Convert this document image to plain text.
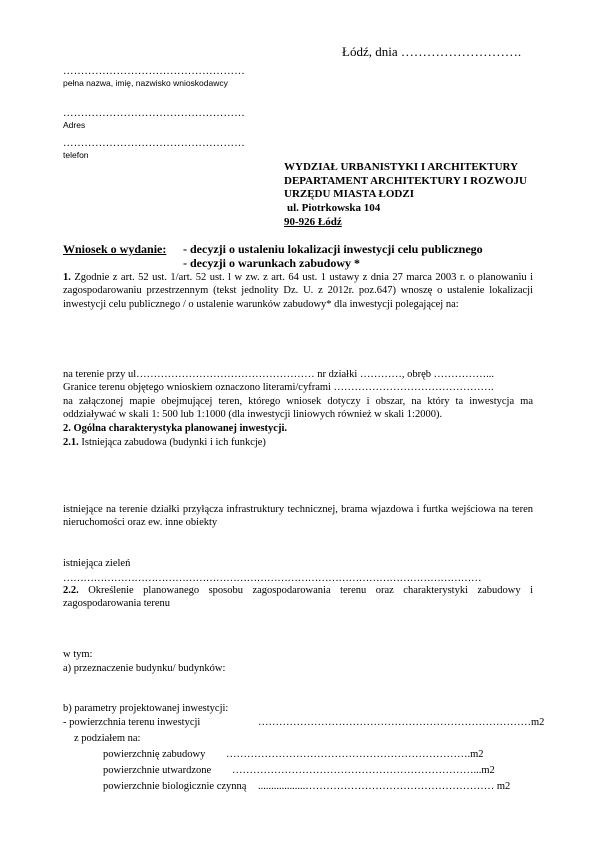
Łódź, dnia ……………………….
……………………………………………
pełna nazwa, imię, nazwisko wnioskodawcy
……………………………………………
Adres
……………………………………………
telefon
WYDZIAŁ URBANISTYKI I ARCHITEKTURY
DEPARTAMENT ARCHITEKTURY I ROZWOJU
URZĘDU MIASTA ŁODZI
ul. Piotrkowska 104
90-926 Łódź
Wniosek o wydanie: - decyzji o ustaleniu lokalizacji inwestycji celu publicznego
- decyzji o warunkach zabudowy *
1. Zgodnie z art. 52 ust. 1/art. 52 ust. l w zw. z art. 64 ust. 1 ustawy z dnia 27 marca 2003 r. o planowaniu i zagospodarowaniu przestrzennym (tekst jednolity Dz. U. z 2012r. poz.647) wnoszę o ustalenie lokalizacji inwestycji celu publicznego / o ustalenie warunków zabudowy* dla inwestycji polegającej na:
na terenie przy ul…………………………………………… nr działki …………, obręb ……………...
Granice terenu objętego wnioskiem oznaczono literami/cyframi ……………………………………….
na załączonej mapie obejmującej teren, którego wniosek dotyczy i obszar, na który ta inwestycja ma oddziaływać w skali 1: 500 lub 1:1000 (dla inwestycji liniowych również w skali 1:2000).
2. Ogólna charakterystyka planowanej inwestycji.
2.1. Istniejąca zabudowa (budynki i ich funkcje)
istniejące na terenie działki przyłącza infrastruktury technicznej, brama wjazdowa i furtka wejściowa na teren nieruchomości oraz ew. inne obiekty
istniejąca zieleń
……………………………………………………………………………………………………………
2.2. Określenie planowanego sposobu zagospodarowania terenu oraz charakterystyki zabudowy i zagospodarowania terenu
w tym:
a) przeznaczenie budynku/ budynków:
b) parametry projektowanej inwestycji:
- powierzchnia terenu inwestycji	……………………………………………………………………m2
z podziałem na:
powierzchnię zabudowy …………………………………………………………….m2
powierzchnie utwardzone ……………………………………………………………...m2
powierzchnie biologicznie czynną ..................……………………………………………… m2
